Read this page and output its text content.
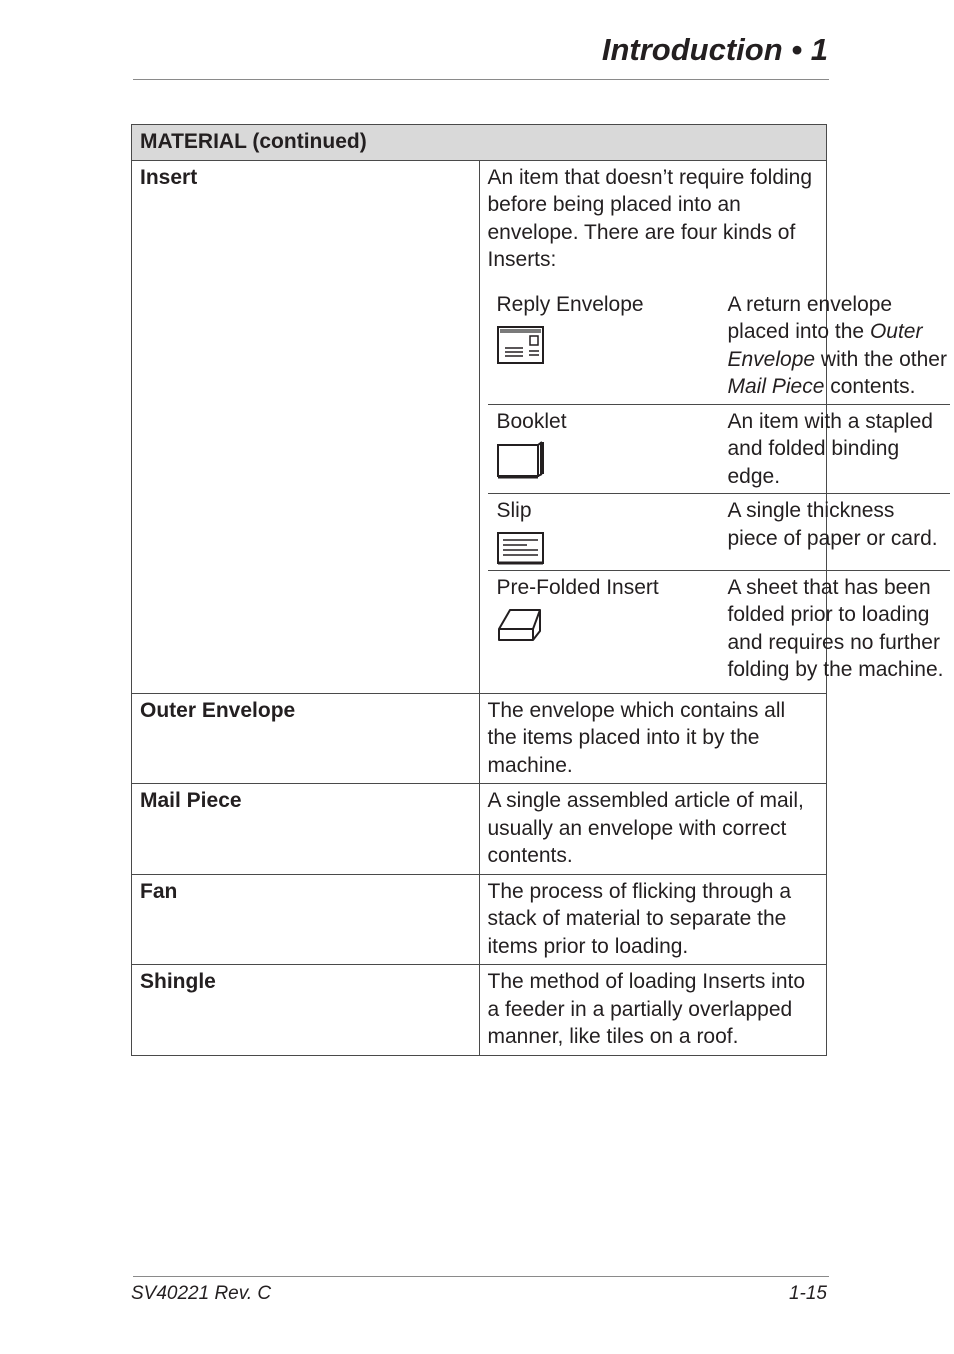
Introduction • 1
MATERIAL (continued)
Insert	An item that doesn’t require folding before being placed into an envelope. There are four kinds of Inserts:
Reply Envelope	A return envelope placed into the Outer Envelope with the other Mail Piece contents.
Booklet	An item with a stapled and folded binding edge.
Slip	A single thickness piece of paper or card.
Pre-Folded Insert	A sheet that has been folded prior to loading and requires no further folding by the machine.

Outer Envelope	The envelope which contains all the items placed into it by the machine.
Mail Piece	A single assembled article of mail, usually an envelope with correct contents.
Fan	The process of flicking through a stack of material to separate the items prior to loading.
Shingle	The method of loading Inserts into a feeder in a partially overlapped manner, like tiles on a roof.
SV40221 Rev. C	1-15
